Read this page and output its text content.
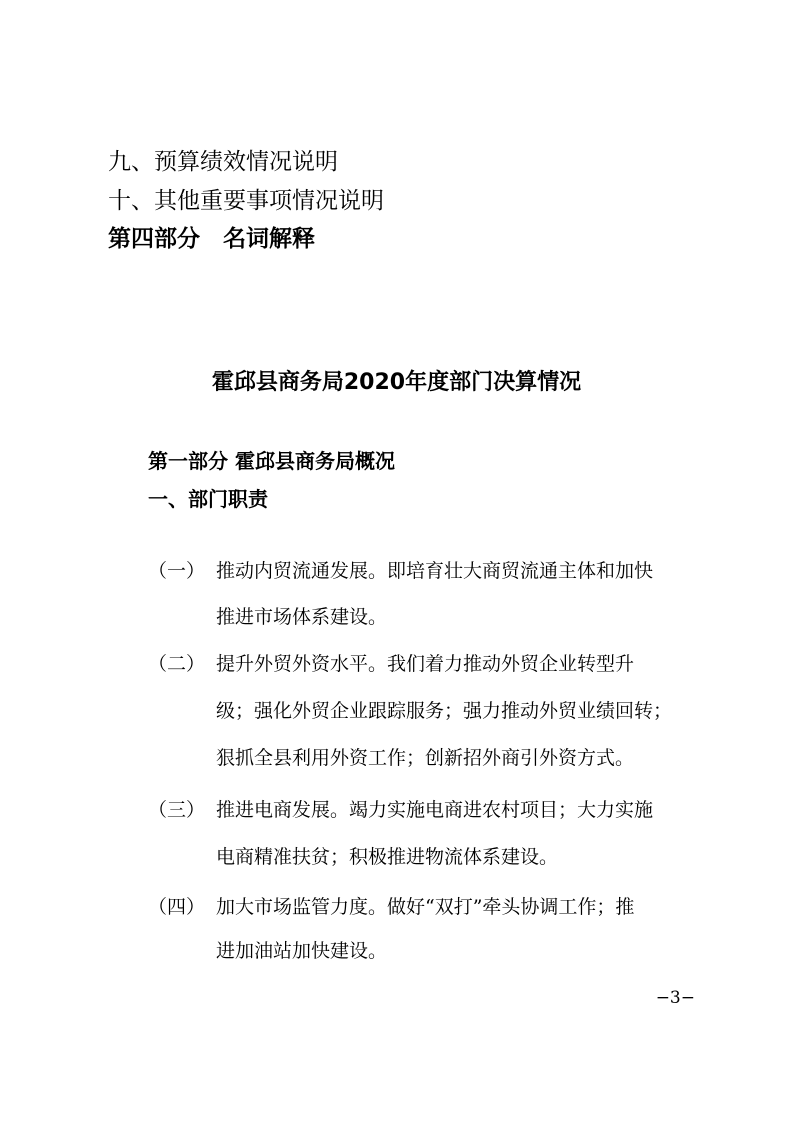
九、预算绩效情况说明
十、其他重要事项情况说明
第四部分　名词解释
霍邱县商务局2020年度部门决算情况
第一部分 霍邱县商务局概况
一、部门职责
（一） 推动内贸流通发展。即培育壮大商贸流通主体和加快
推进市场体系建设。
（二） 提升外贸外资水平。我们着力推动外贸企业转型升
级；强化外贸企业跟踪服务；强力推动外贸业绩回转；
狠抓全县利用外资工作；创新招外商引外资方式。
（三） 推进电商发展。竭力实施电商进农村项目；大力实施
电商精准扶贫；积极推进物流体系建设。
（四） 加大市场监管力度。做好“双打”牵头协调工作；推
进加油站加快建设。
−3−
